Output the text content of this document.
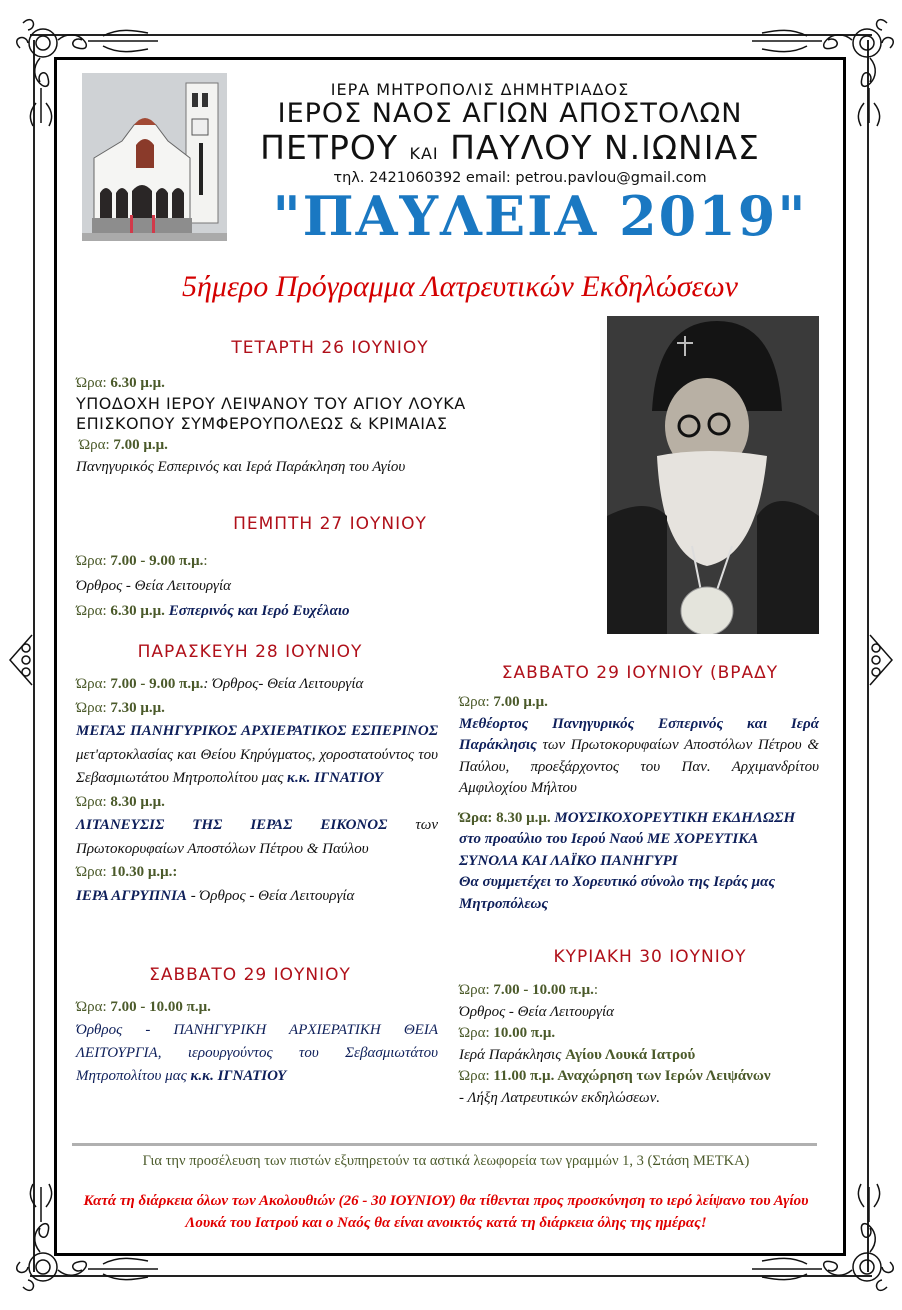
ΙΕΡΑ ΜΗΤΡΟΠΟΛΙΣ ΔΗΜΗΤΡΙΑΔΟΣ
ΙΕΡΟΣ ΝΑΟΣ ΑΓΙΩΝ ΑΠΟΣΤΟΛΩΝ
ΠΕΤΡΟΥ ΚΑΙ ΠΑΥΛΟΥ Ν.ΙΩΝΙΑΣ
τηλ. 2421060392 email: petrou.pavlou@gmail.com
"ΠΑΥΛΕΙΑ 2019"
5ήμερο Πρόγραμμα Λατρευτικών Εκδηλώσεων
ΤΕΤΑΡΤΗ 26 ΙΟΥΝΙΟΥ
Ώρα: 6.30 μ.μ.
ΥΠΟΔΟΧΗ ΙΕΡΟΥ ΛΕΙΨΑΝΟΥ ΤΟΥ ΑΓΙΟΥ ΛΟΥΚΑ ΕΠΙΣΚΟΠΟΥ ΣΥΜΦΕΡΟΥΠΟΛΕΩΣ & ΚΡΙΜΑΙΑΣ
Ώρα: 7.00 μ.μ.
Πανηγυρικός Εσπερινός και Ιερά Παράκληση του Αγίου
ΠΕΜΠΤΗ 27 ΙΟΥΝΙΟΥ
Ώρα: 7.00 - 9.00 π.μ.:
Όρθρος - Θεία Λειτουργία
Ώρα: 6.30 μ.μ. Εσπερινός και Ιερό Ευχέλαιο
ΠΑΡΑΣΚΕΥΗ 28 ΙΟΥΝΙΟΥ
Ώρα: 7.00 - 9.00 π.μ.: Όρθρος- Θεία Λειτουργία
Ώρα: 7.30 μ.μ.
ΜΕΓΑΣ ΠΑΝΗΓΥΡΙΚΟΣ ΑΡΧΙΕΡΑΤΙΚΟΣ ΕΣΠΕΡΙΝΟΣ μετ'αρτοκλασίας και Θείου Κηρύγματος, χοροστατούντος του Σεβασμιωτάτου Μητροπολίτου μας κ.κ. ΙΓΝΑΤΙΟΥ
Ώρα: 8.30 μ.μ.
ΛΙΤΑΝΕΥΣΙΣ ΤΗΣ ΙΕΡΑΣ ΕΙΚΟΝΟΣ των Πρωτοκορυφαίων Αποστόλων Πέτρου & Παύλου
Ώρα: 10.30 μ.μ.:
ΙΕΡΑ ΑΓΡΥΠΝΙΑ - Όρθρος - Θεία Λειτουργία
ΣΑΒΒΑΤΟ 29 ΙΟΥΝΙΟΥ
Ώρα: 7.00 - 10.00 π.μ.
Όρθρος - ΠΑΝΗΓΥΡΙΚΗ ΑΡΧΙΕΡΑΤΙΚΗ ΘΕΙΑ ΛΕΙΤΟΥΡΓΙΑ, ιερουργούντος του Σεβασμιωτάτου Μητροπολίτου μας κ.κ. ΙΓΝΑΤΙΟΥ
ΣΑΒΒΑΤΟ 29 ΙΟΥΝΙΟΥ (ΒΡΑΔΥ
Ώρα: 7.00 μ.μ.
Μεθέορτος Πανηγυρικός Εσπερινός και Ιερά Παράκλησις των Πρωτοκορυφαίων Αποστόλων Πέτρου & Παύλου, προεξάρχοντος του Παν. Αρχιμανδρίτου Αμφιλοχίου Μήλτου
Ώρα: 8.30 μ.μ. ΜΟΥΣΙΚΟΧΟΡΕΥΤΙΚΗ ΕΚΔΗΛΩΣΗ
στο προαύλιο του Ιερού Ναού ΜΕ ΧΟΡΕΥΤΙΚΑ ΣΥΝΟΛΑ ΚΑΙ ΛΑΪΚΟ ΠΑΝΗΓΥΡΙ
Θα συμμετέχει το Χορευτικό σύνολο της Ιεράς μας Μητροπόλεως
ΚΥΡΙΑΚΗ 30 ΙΟΥΝΙΟΥ
Ώρα: 7.00 - 10.00 π.μ.:
Όρθρος - Θεία Λειτουργία
Ώρα: 10.00 π.μ.
Ιερά Παράκλησις Αγίου Λουκά Ιατρού
Ώρα: 11.00 π.μ. Αναχώρηση των Ιερών Λειψάνων
- Λήξη Λατρευτικών εκδηλώσεων.
Για την προσέλευση των πιστών εξυπηρετούν τα αστικά λεωφορεία των γραμμών 1, 3 (Στάση ΜΕΤΚΑ)
Κατά τη διάρκεια όλων των Ακολουθιών (26 - 30 ΙΟΥΝΙΟΥ) θα τίθενται προς προσκύνηση το ιερό λείψανο του Αγίου Λουκά του Ιατρού και ο Ναός θα είναι ανοικτός κατά τη διάρκεια όλης της ημέρας!
